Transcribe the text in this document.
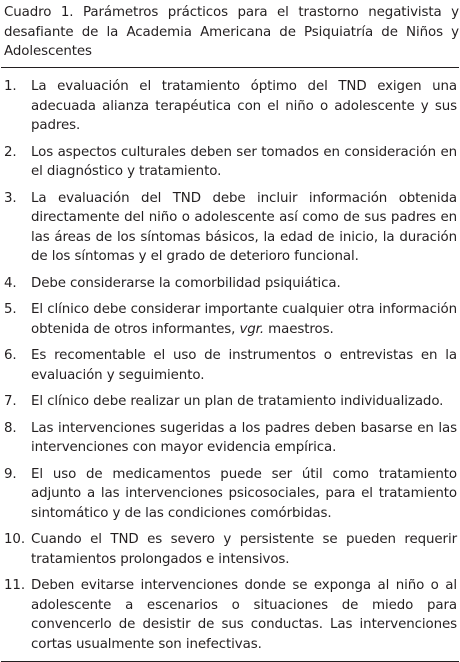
Cuadro 1. Parámetros prácticos para el trastorno negativista y desafiante de la Academia Americana de Psiquiatría de Niños y Adolescentes
1. La evaluación el tratamiento óptimo del TND exigen una adecuada alianza terapéutica con el niño o adolescente y sus padres.
2. Los aspectos culturales deben ser tomados en consideración en el diagnóstico y tratamiento.
3. La evaluación del TND debe incluir información obtenida directamente del niño o adolescente así como de sus padres en las áreas de los síntomas básicos, la edad de inicio, la duración de los síntomas y el grado de deterioro funcional.
4. Debe considerarse la comorbilidad psiquiática.
5. El clínico debe considerar importante cualquier otra información obtenida de otros informantes, vgr. maestros.
6. Es recomentable el uso de instrumentos o entrevistas en la evaluación y seguimiento.
7. El clínico debe realizar un plan de tratamiento individualizado.
8. Las intervenciones sugeridas a los padres deben basarse en las intervenciones con mayor evidencia empírica.
9. El uso de medicamentos puede ser útil como tratamiento adjunto a las intervenciones psicosociales, para el tratamiento sintomático y de las condiciones comórbidas.
10. Cuando el TND es severo y persistente se pueden requerir tratamientos prolongados e intensivos.
11. Deben evitarse intervenciones donde se exponga al niño o al adolescente a escenarios o situaciones de miedo para convencerlo de desistir de sus conductas. Las intervenciones cortas usualmente son inefectivas.
